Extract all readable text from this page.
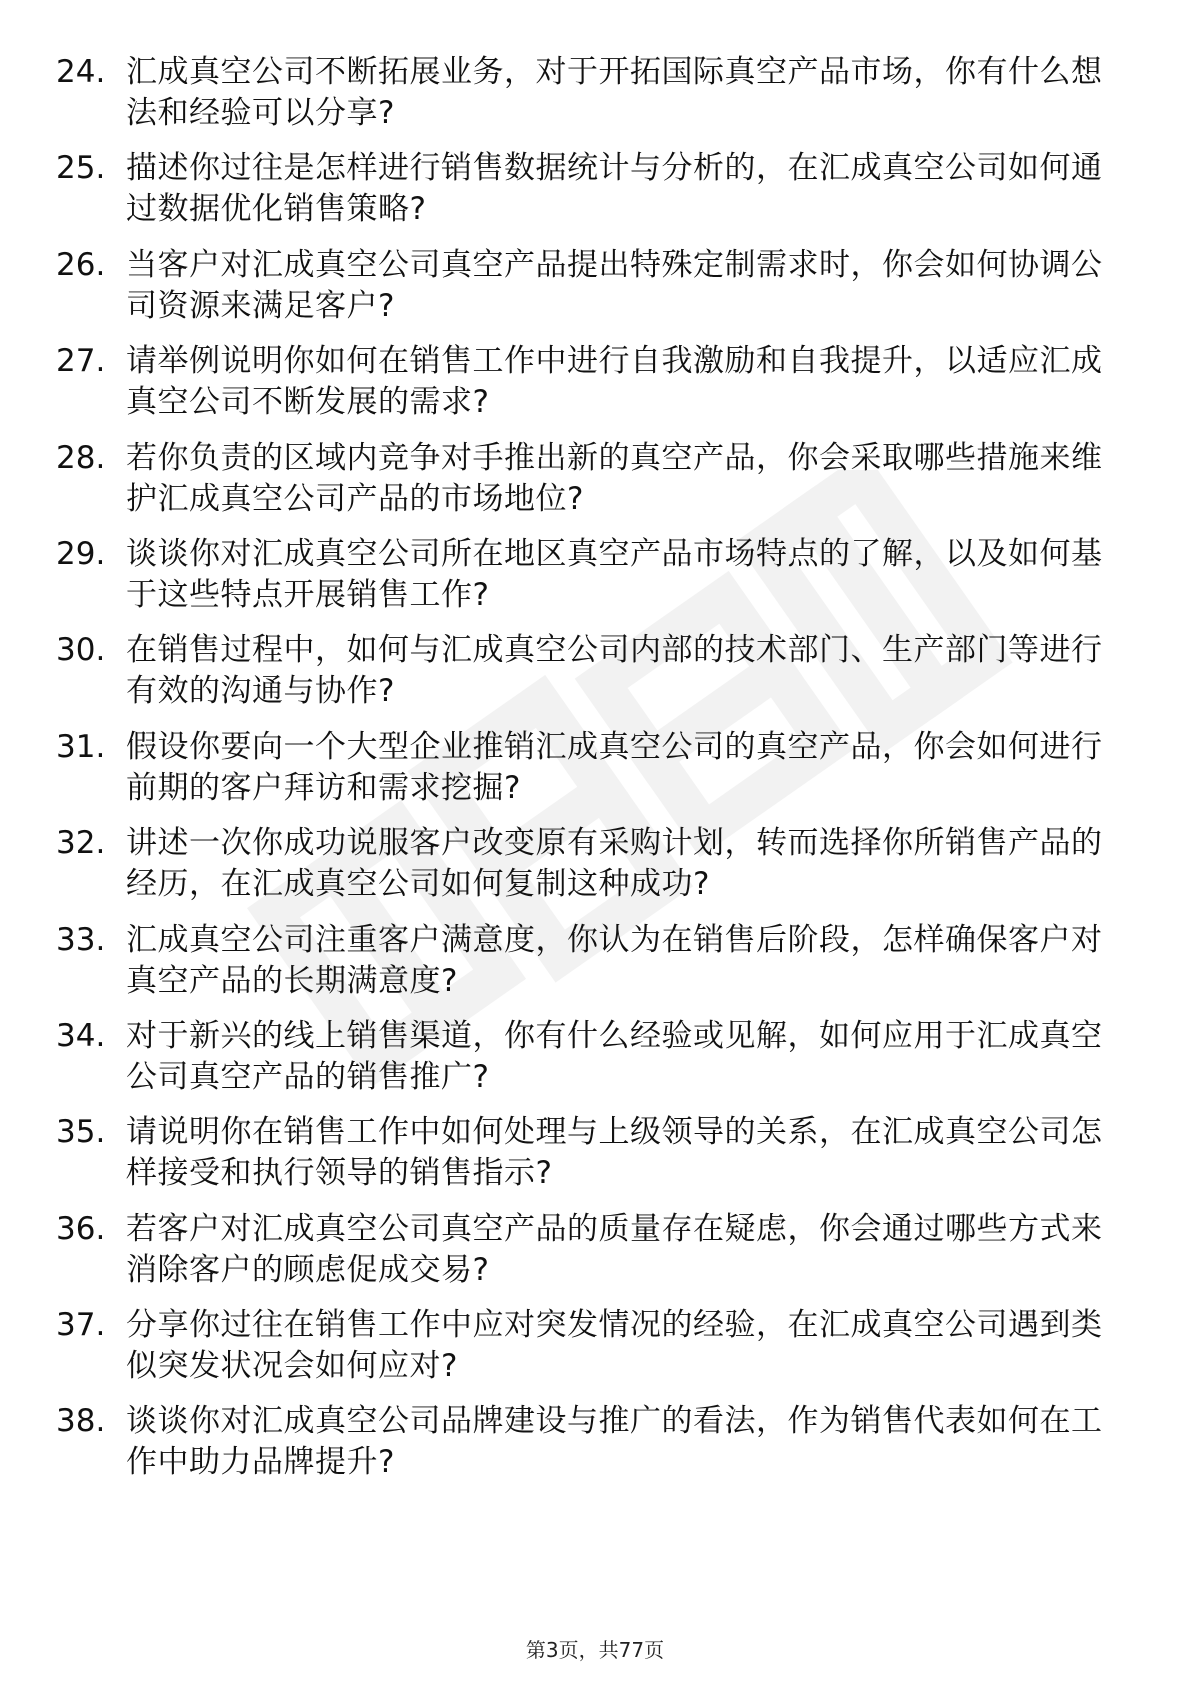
24. 汇成真空公司不断拓展业务，对于开拓国际真空产品市场，你有什么想法和经验可以分享?
25. 描述你过往是怎样进行销售数据统计与分析的，在汇成真空公司如何通过数据优化销售策略?
26. 当客户对汇成真空公司真空产品提出特殊定制需求时，你会如何协调公司资源来满足客户?
27. 请举例说明你如何在销售工作中进行自我激励和自我提升，以适应汇成真空公司不断发展的需求?
28. 若你负责的区域内竞争对手推出新的真空产品，你会采取哪些措施来维护汇成真空公司产品的市场地位?
29. 谈谈你对汇成真空公司所在地区真空产品市场特点的了解，以及如何基于这些特点开展销售工作?
30. 在销售过程中，如何与汇成真空公司内部的技术部门、生产部门等进行有效的沟通与协作?
31. 假设你要向一个大型企业推销汇成真空公司的真空产品，你会如何进行前期的客户拜访和需求挖掘?
32. 讲述一次你成功说服客户改变原有采购计划，转而选择你所销售产品的经历，在汇成真空公司如何复制这种成功?
33. 汇成真空公司注重客户满意度，你认为在销售后阶段，怎样确保客户对真空产品的长期满意度?
34. 对于新兴的线上销售渠道，你有什么经验或见解，如何应用于汇成真空公司真空产品的销售推广?
35. 请说明你在销售工作中如何处理与上级领导的关系，在汇成真空公司怎样接受和执行领导的销售指示?
36. 若客户对汇成真空公司真空产品的质量存在疑虑，你会通过哪些方式来消除客户的顾虑促成交易?
37. 分享你过往在销售工作中应对突发情况的经验，在汇成真空公司遇到类似突发状况会如何应对?
38. 谈谈你对汇成真空公司品牌建设与推广的看法，作为销售代表如何在工作中助力品牌提升?
第3页，共77页
